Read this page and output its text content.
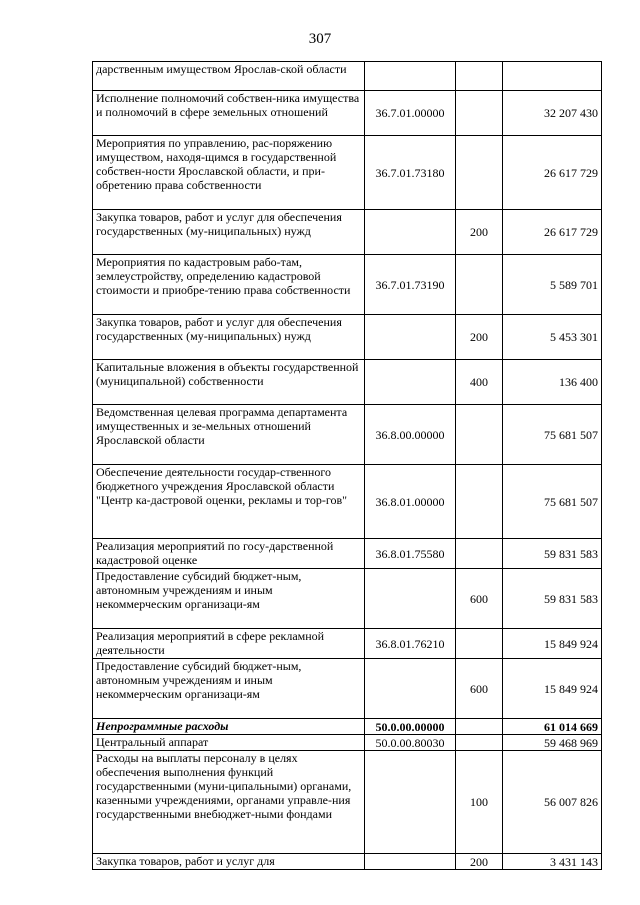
307
дарственным имуществом Ярослав-ской области			
Исполнение полномочий собствен-ника имущества и полномочий в сфере земельных отношений	36.7.01.00000		32 207 430
Мероприятия по управлению, рас-поряжению имуществом, находя-щимся в государственной собствен-ности Ярославской области, и при-обретению права собственности	36.7.01.73180		26 617 729
Закупка товаров, работ и услуг для обеспечения государственных (му-ниципальных) нужд		200	26 617 729
Мероприятия по кадастровым рабо-там, землеустройству, определению кадастровой стоимости и приобре-тению права собственности	36.7.01.73190		5 589 701
Закупка товаров, работ и услуг для обеспечения государственных (му-ниципальных) нужд		200	5 453 301
Капитальные вложения в объекты государственной (муниципальной) собственности		400	136 400
Ведомственная целевая программа департамента имущественных и зе-мельных отношений Ярославской области	36.8.00.00000		75 681 507
Обеспечение деятельности государ-ственного бюджетного учреждения Ярославской области "Центр ка-дастровой оценки, рекламы и тор-гов"	36.8.01.00000		75 681 507
Реализация мероприятий по госу-дарственной кадастровой оценке	36.8.01.75580		59 831 583
Предоставление субсидий бюджет-ным, автономным учреждениям и иным некоммерческим организаци-ям		600	59 831 583
Реализация мероприятий в сфере рекламной деятельности	36.8.01.76210		15 849 924
Предоставление субсидий бюджет-ным, автономным учреждениям и иным некоммерческим организаци-ям		600	15 849 924
Непрограммные расходы	50.0.00.00000		61 014 669
Центральный аппарат	50.0.00.80030		59 468 969
Расходы на выплаты персоналу в целях обеспечения выполнения функций государственными (муни-ципальными) органами, казенными учреждениями, органами управле-ния государственными внебюджет-ными фондами		100	56 007 826
Закупка товаров, работ и услуг для		200	3 431 143
